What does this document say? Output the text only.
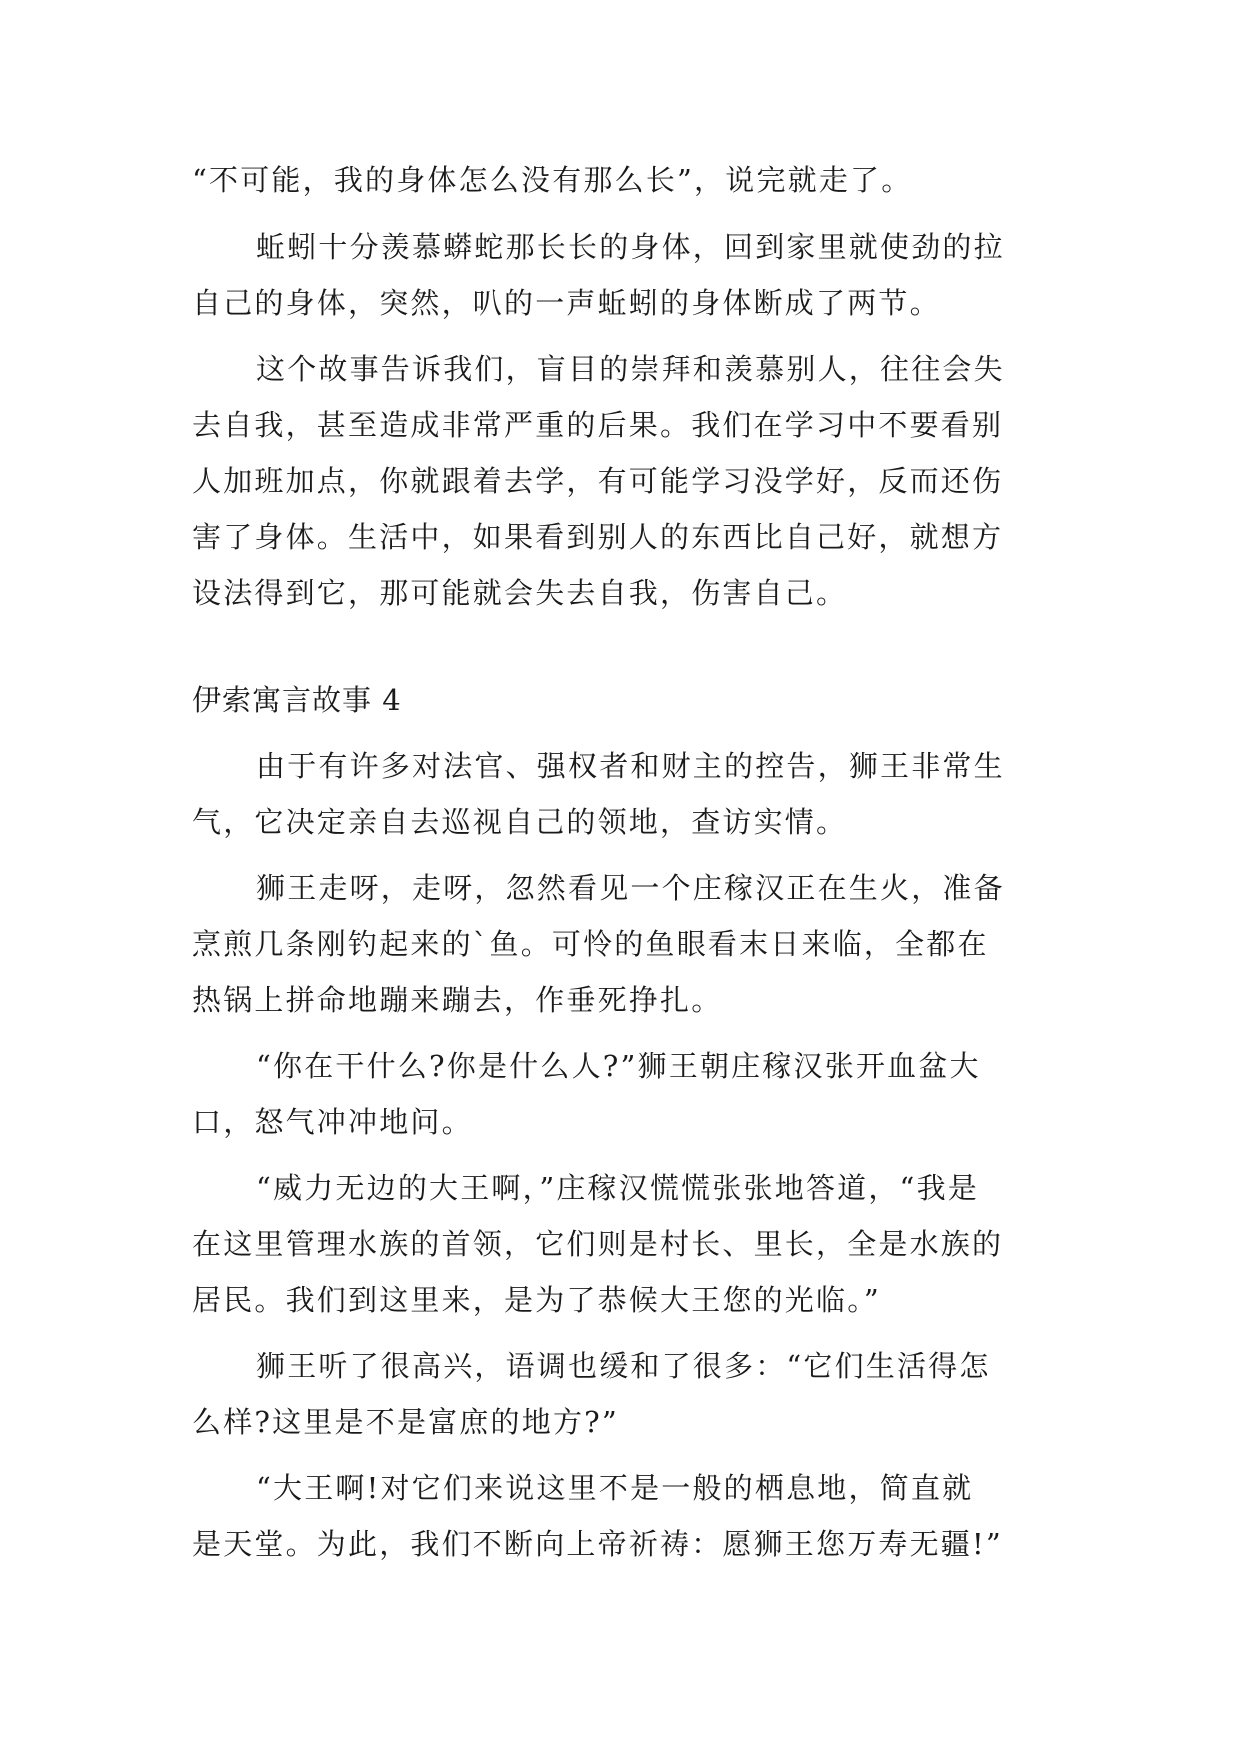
“不可能，我的身体怎么没有那么长”，说完就走了。
蚯蚓十分羡慕蟒蛇那长长的身体，回到家里就使劲的拉
自己的身体，突然，叭的一声蚯蚓的身体断成了两节。
这个故事告诉我们，盲目的崇拜和羡慕别人，往往会失
去自我，甚至造成非常严重的后果。我们在学习中不要看别
人加班加点，你就跟着去学，有可能学习没学好，反而还伤
害了身体。生活中，如果看到别人的东西比自己好，就想方
设法得到它，那可能就会失去自我，伤害自己。
伊索寓言故事 4
由于有许多对法官、强权者和财主的控告，狮王非常生
气，它决定亲自去巡视自己的领地，查访实情。
狮王走呀，走呀，忽然看见一个庄稼汉正在生火，准备
烹煎几条刚钓起来的`鱼。可怜的鱼眼看末日来临，全都在
热锅上拼命地蹦来蹦去，作垂死挣扎。
“你在干什么?你是什么人?”狮王朝庄稼汉张开血盆大
口，怒气冲冲地问。
“威力无边的大王啊，”庄稼汉慌慌张张地答道，“我是
在这里管理水族的首领，它们则是村长、里长，全是水族的
居民。我们到这里来，是为了恭候大王您的光临。”
狮王听了很高兴，语调也缓和了很多：“它们生活得怎
么样?这里是不是富庶的地方?”
“大王啊!对它们来说这里不是一般的栖息地，简直就
是天堂。为此，我们不断向上帝祈祷：愿狮王您万寿无疆!”
